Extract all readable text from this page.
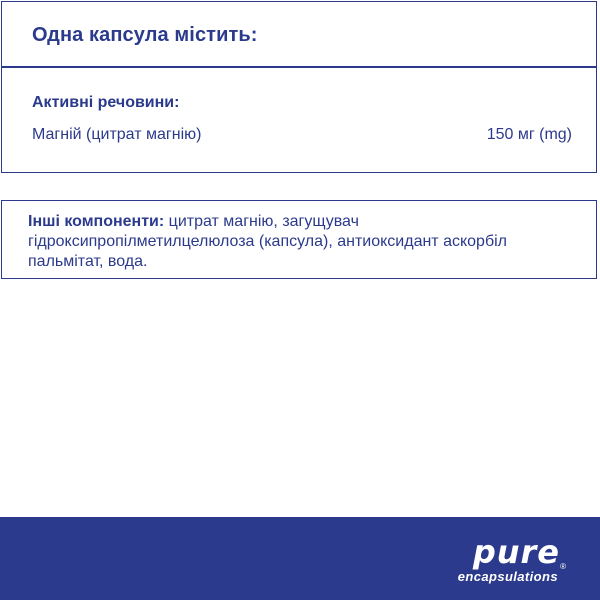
Одна капсула містить:
Активні речовини:
Магній (цитрат магнію)	150 мг (mg)
Інші компоненти: цитрат магнію, загущувач гідроксипропілметилцелюлоза (капсула), антиоксидант аскорбіл пальмітат, вода.
pure
encapsulations
®
